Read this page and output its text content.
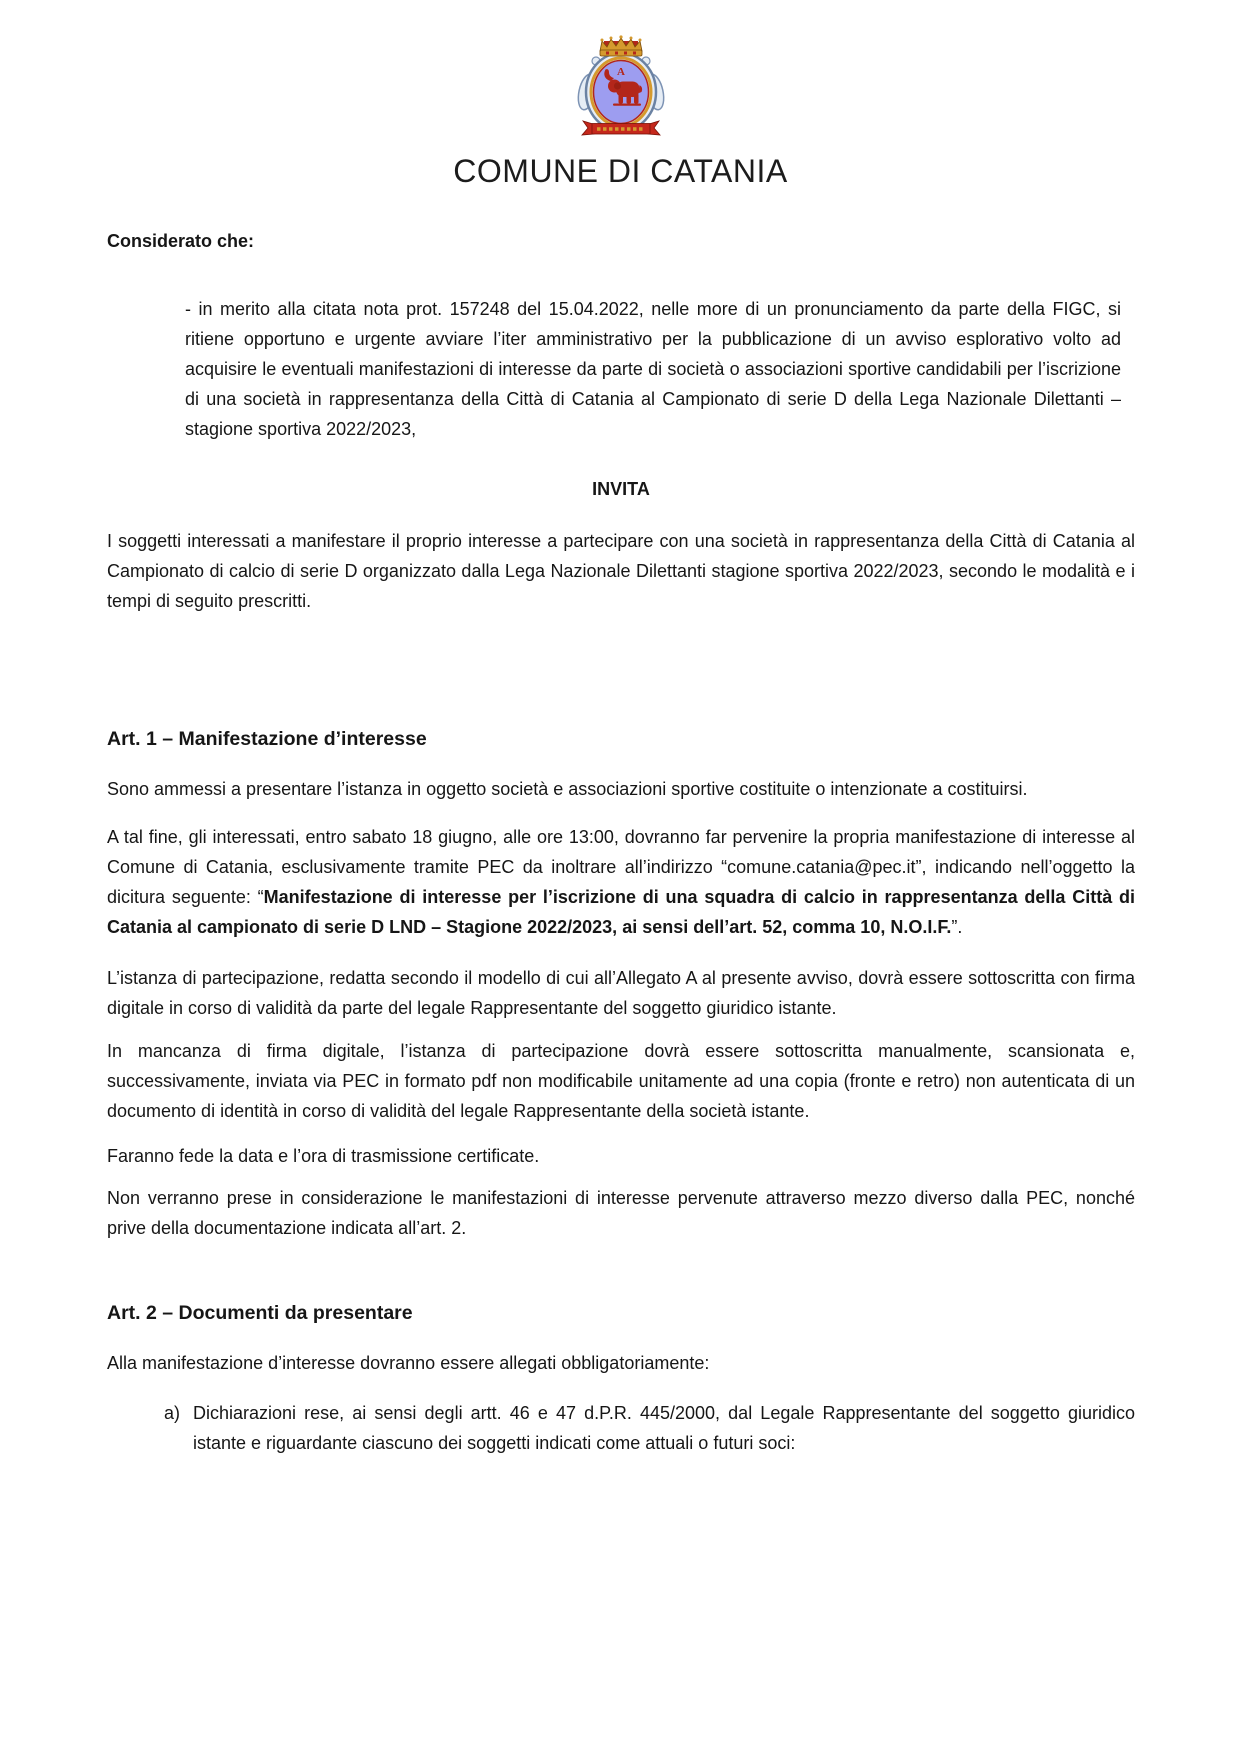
A
COMUNE DI CATANIA

Considerato che:

- in merito alla citata nota prot. 157248 del 15.04.2022, nelle more di un pronunciamento da parte della FIGC, si ritiene opportuno e urgente avviare l’iter amministrativo per la pubblicazione di un avviso esplorativo volto ad acquisire le eventuali manifestazioni di interesse da parte di società o associazioni sportive candidabili per l’iscrizione di una società in rappresentanza della Città di Catania al Campionato di serie D della Lega Nazionale Dilettanti – stagione sportiva 2022/2023,

INVITA

I soggetti interessati a manifestare il proprio interesse a partecipare con una società in rappresentanza della Città di Catania al Campionato di calcio di serie D organizzato dalla Lega Nazionale Dilettanti stagione sportiva 2022/2023, secondo le modalità e i tempi di seguito prescritti.

Art. 1 – Manifestazione d’interesse

Sono ammessi a presentare l’istanza in oggetto società e associazioni sportive costituite o intenzionate a costituirsi.

A tal fine, gli interessati, entro sabato 18 giugno, alle ore 13:00, dovranno far pervenire la propria manifestazione di interesse al Comune di Catania, esclusivamente tramite PEC da inoltrare all’indirizzo “comune.catania@pec.it”, indicando nell’oggetto la dicitura seguente: “Manifestazione di interesse per l’iscrizione di una squadra di calcio in rappresentanza della Città di Catania al campionato di serie D LND – Stagione 2022/2023, ai sensi dell’art. 52, comma 10, N.O.I.F.”.

L’istanza di partecipazione, redatta secondo il modello di cui all’Allegato A al presente avviso, dovrà essere sottoscritta con firma digitale in corso di validità da parte del legale Rappresentante del soggetto giuridico istante.

In mancanza di firma digitale, l’istanza di partecipazione dovrà essere sottoscritta manualmente, scansionata e, successivamente, inviata via PEC in formato pdf non modificabile unitamente ad una copia (fronte e retro) non autenticata di un documento di identità in corso di validità del legale Rappresentante della società istante.

Faranno fede la data e l’ora di trasmissione certificate.

Non verranno prese in considerazione le manifestazioni di interesse pervenute attraverso mezzo diverso dalla PEC, nonché prive della documentazione indicata all’art. 2.

Art. 2 – Documenti da presentare

Alla manifestazione d’interesse dovranno essere allegati obbligatoriamente:

a) Dichiarazioni rese, ai sensi degli artt. 46 e 47 d.P.R. 445/2000, dal Legale Rappresentante del soggetto giuridico istante e riguardante ciascuno dei soggetti indicati come attuali o futuri soci:
